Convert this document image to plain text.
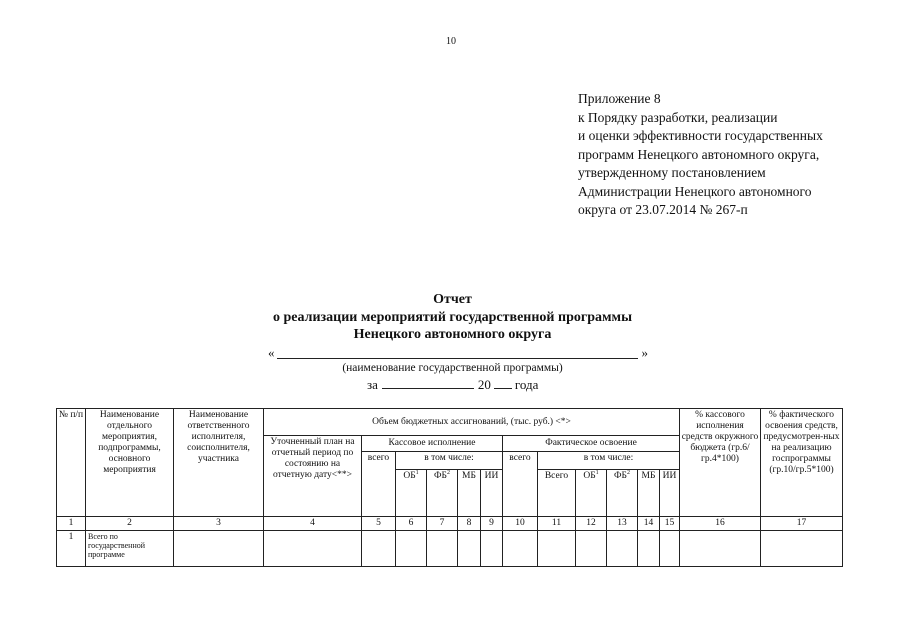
10
Приложение 8
к Порядку разработки, реализации
и оценки эффективности государственных
программ Ненецкого автономного округа,
утвержденному постановлением
Администрации Ненецкого автономного
округа от 23.07.2014 № 267-п
Отчет
о реализации мероприятий государственной программы
Ненецкого автономного округа
«	»
(наименование государственной программы)
за	20 года
№ п/п	Наименование отдельного мероприятия, подпрограммы, основного мероприятия	Наименование ответственного исполнителя, соисполнителя, участника	Объем бюджетных ассигнований, (тыс. руб.) <*>												% кассового исполнения средств окружного бюджета (гр.6/гр.4*100)	% фактического освоения средств, предусмотрен-ных на реализацию госпрограммы (гр.10/гр.5*100)
			Уточненный план на отчетный период по состоянию на отчетную дату<**>	Кассовое исполнение					Фактическое освоение							
				всего	в том числе:				всего	в том числе:						
					$ОБ^1$	$ФБ^2$	МБ	ИИ		Всего	$ОБ^1$	$ФБ^2$	МБ	ИИ		
1	2	3	4	5	6	7	8	9	10	11	12	13	14	15	16	17
1	Всего по государственной программе															
